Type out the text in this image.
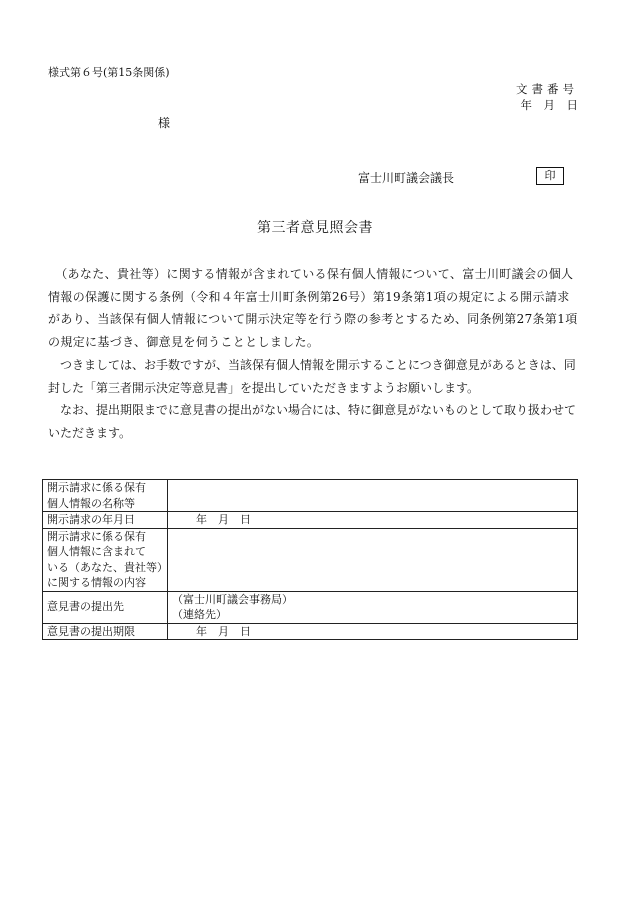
様式第６号(第15条関係)
文書番号
年　月　日
様
富士川町議会議長	印
第三者意見照会書

（あなた、貴社等）に関する情報が含まれている保有個人情報について、富士川町議会の個人情報の保護に関する条例（令和４年富士川町条例第26号）第19条第1項の規定による開示請求があり、当該保有個人情報について開示決定等を行う際の参考とするため、同条例第27条第1項の規定に基づき、御意見を伺うこととしました。

つきましては、お手数ですが、当該保有個人情報を開示することにつき御意見があるときは、同封した「第三者開示決定等意見書」を提出していただきますようお願いします。

なお、提出期限までに意見書の提出がない場合には、特に御意見がないものとして取り扱わせていただきます。

開示請求に係る保有
個人情報の名称等	

開示請求の年月日	年　月　日

開示請求に係る保有
個人情報に含まれて
いる（あなた、貴社等）
に関する情報の内容	

意見書の提出先	（富士川町議会事務局）
（連絡先）

意見書の提出期限	年　月　日
